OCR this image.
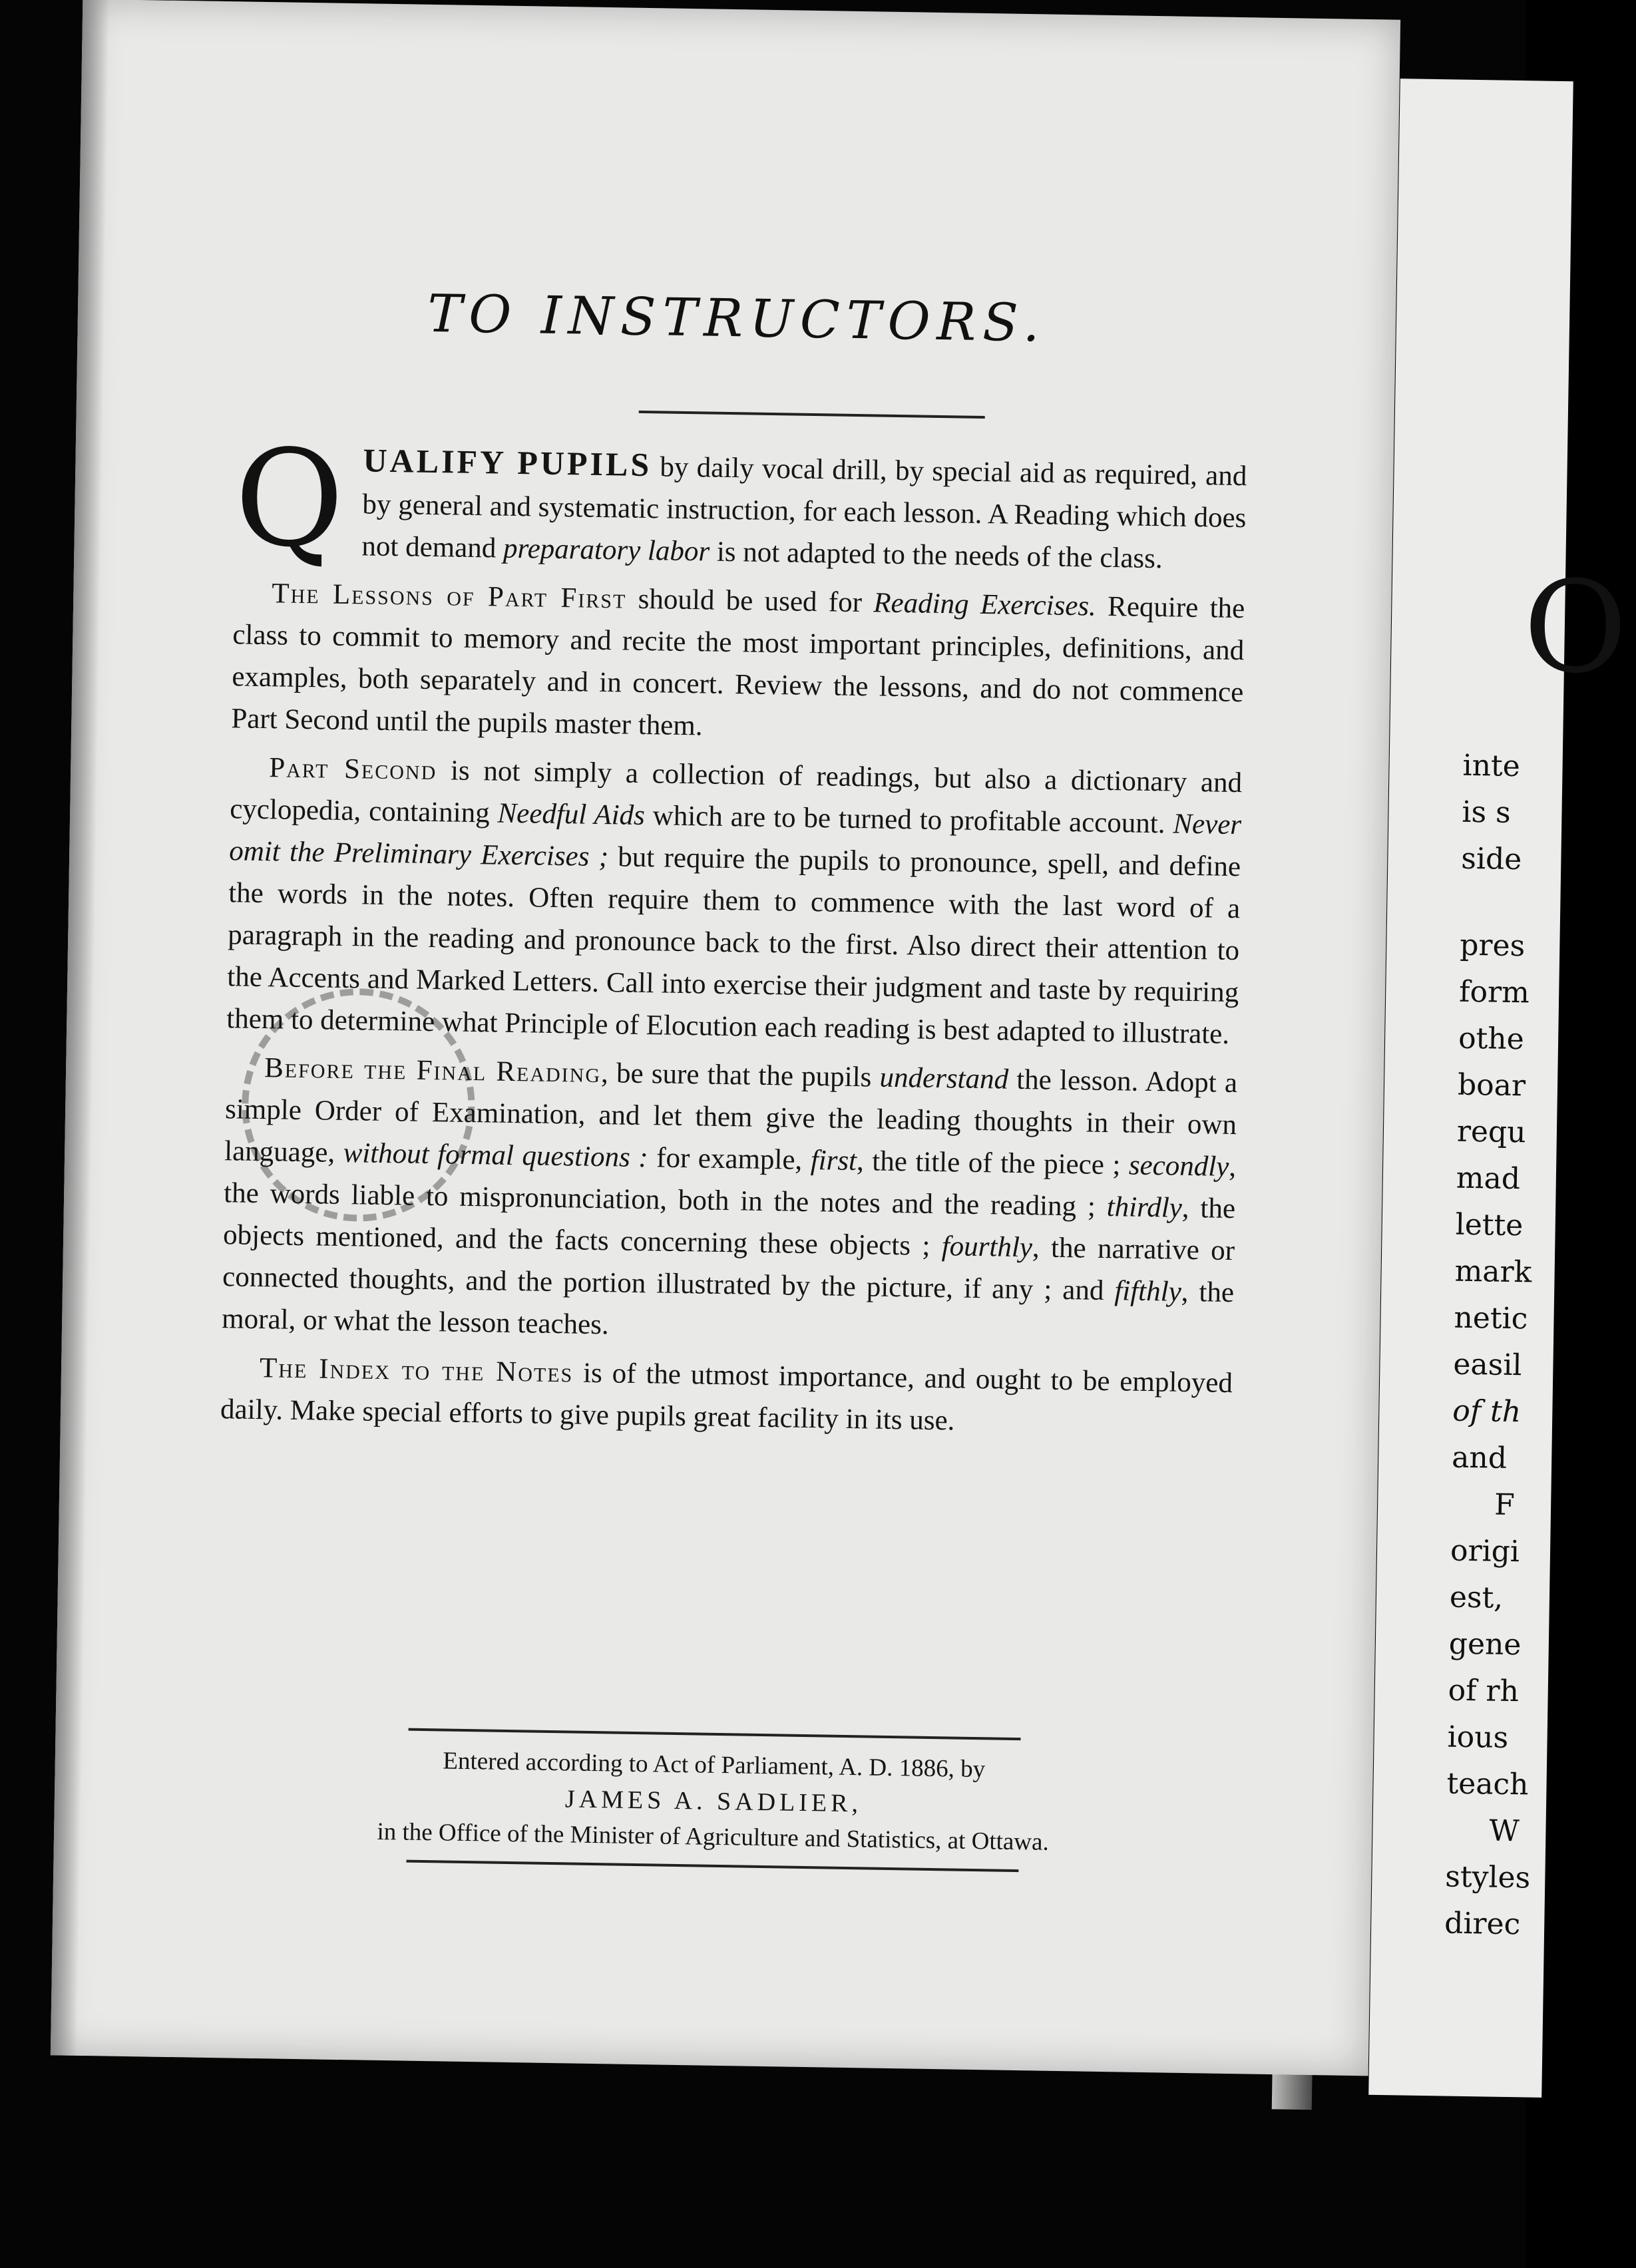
O
inte
is s
side
pres
form
othe
boar
requ
mad
lette
mark
netic
easil
of th
and
F
origi
est,
gene
of rh
ious
teach
W
styles
direc
TO INSTRUCTORS.

QUALIFY PUPILS by daily vocal drill, by special aid as required, and by general and systematic instruction, for each lesson. A Reading which does not demand preparatory labor is not adapted to the needs of the class.

The Lessons of Part First should be used for Reading Exercises. Require the class to commit to memory and recite the most important principles, definitions, and examples, both separately and in concert. Review the lessons, and do not commence Part Second until the pupils master them.

Part Second is not simply a collection of readings, but also a dictionary and cyclopedia, containing Needful Aids which are to be turned to profitable account. Never omit the Preliminary Exercises ; but require the pupils to pronounce, spell, and define the words in the notes. Often require them to commence with the last word of a paragraph in the reading and pronounce back to the first. Also direct their attention to the Accents and Marked Letters. Call into exercise their judgment and taste by requiring them to determine what Principle of Elocution each reading is best adapted to illustrate.

Before the Final Reading, be sure that the pupils understand the lesson. Adopt a simple Order of Examination, and let them give the leading thoughts in their own language, without formal questions : for example, first, the title of the piece ; secondly, the words liable to mispronunciation, both in the notes and the reading ; thirdly, the objects mentioned, and the facts concerning these objects ; fourthly, the narrative or connected thoughts, and the portion illustrated by the picture, if any ; and fifthly, the moral, or what the lesson teaches.

The Index to the Notes is of the utmost importance, and ought to be employed daily. Make special efforts to give pupils great facility in its use.

Entered according to Act of Parliament, A. D. 1886, by
JAMES A. SADLIER,
in the Office of the Minister of Agriculture and Statistics, at Ottawa.
